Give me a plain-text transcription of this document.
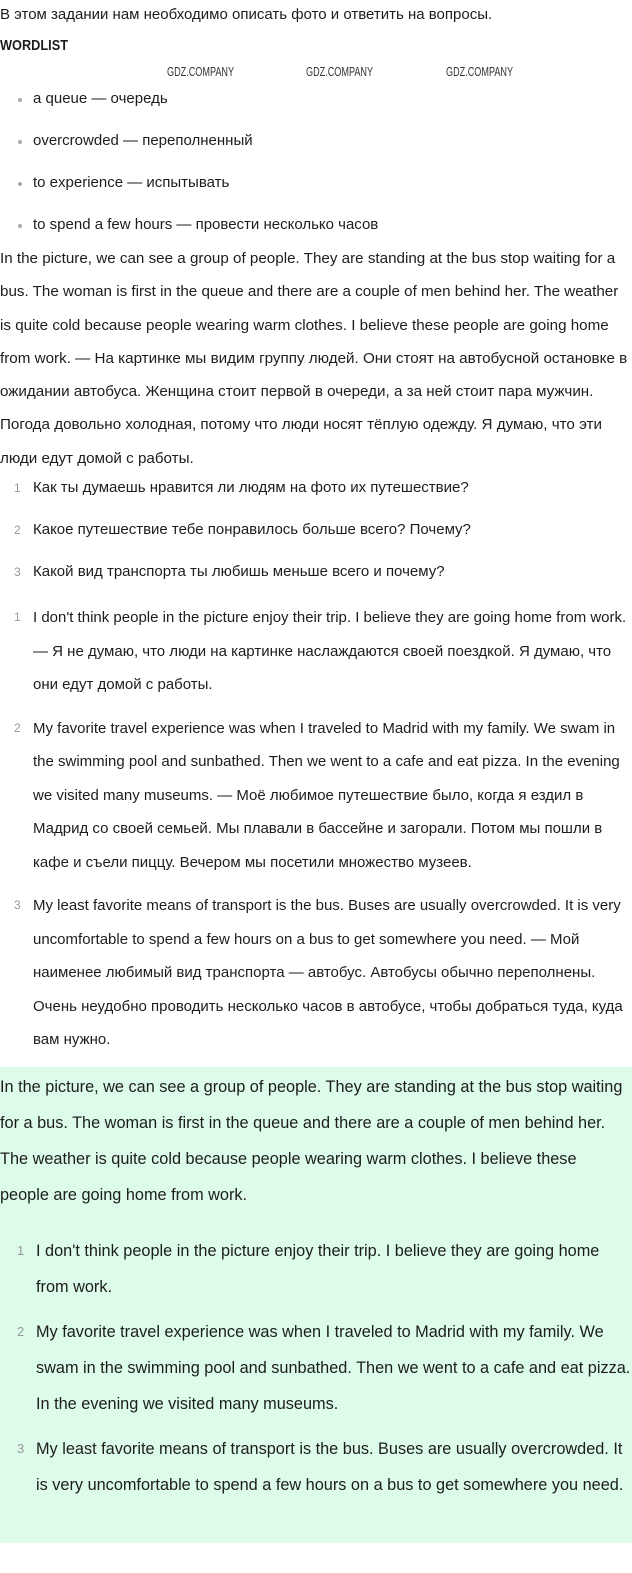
В этом задании нам необходимо описать фото и ответить на вопросы.
WORDLIST
GDZ.COMPANY	GDZ.COMPANY	GDZ.COMPANY
a queue — очередь
overcrowded — переполненный
to experience — испытывать
to spend a few hours — провести несколько часов
In the picture, we can see a group of people. They are standing at the bus stop waiting for a bus. The woman is first in the queue and there are a couple of men behind her. The weather is quite cold because people wearing warm clothes. I believe these people are going home from work. — На картинке мы видим группу людей. Они стоят на автобусной остановке в ожидании автобуса. Женщина стоит первой в очереди, а за ней стоит пара мужчин. Погода довольно холодная, потому что люди носят тёплую одежду. Я думаю, что эти люди едут домой с работы.
1 Как ты думаешь нравится ли людям на фото их путешествие?
2 Какое путешествие тебе понравилось больше всего? Почему?
3 Какой вид транспорта ты любишь меньше всего и почему?
1 I don't think people in the picture enjoy their trip. I believe they are going home from work. — Я не думаю, что люди на картинке наслаждаются своей поездкой. Я думаю, что они едут домой с работы.
2 My favorite travel experience was when I traveled to Madrid with my family. We swam in the swimming pool and sunbathed. Then we went to a cafe and eat pizza. In the evening we visited many museums. — Моё любимое путешествие было, когда я ездил в Мадрид со своей семьей. Мы плавали в бассейне и загорали. Потом мы пошли в кафе и съели пиццу. Вечером мы посетили множество музеев.
3 My least favorite means of transport is the bus. Buses are usually overcrowded. It is very uncomfortable to spend a few hours on a bus to get somewhere you need. — Мой наименее любимый вид транспорта — автобус. Автобусы обычно переполнены. Очень неудобно проводить несколько часов в автобусе, чтобы добраться туда, куда вам нужно.
In the picture, we can see a group of people. They are standing at the bus stop waiting for a bus. The woman is first in the queue and there are a couple of men behind her. The weather is quite cold because people wearing warm clothes. I believe these people are going home from work.
1 I don't think people in the picture enjoy their trip. I believe they are going home from work.
2 My favorite travel experience was when I traveled to Madrid with my family. We swam in the swimming pool and sunbathed. Then we went to a cafe and eat pizza. In the evening we visited many museums.
3 My least favorite means of transport is the bus. Buses are usually overcrowded. It is very uncomfortable to spend a few hours on a bus to get somewhere you need.
